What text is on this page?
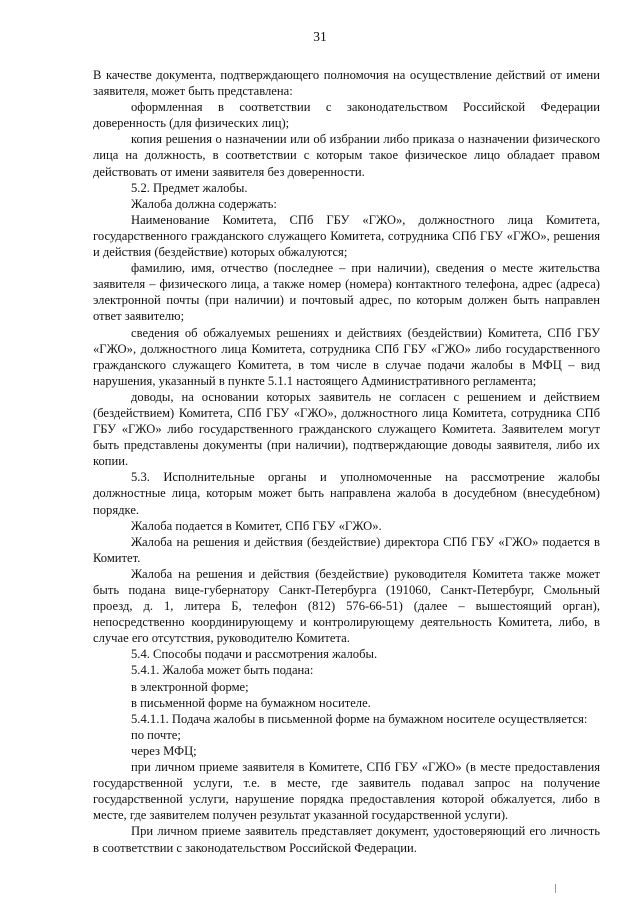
31

В качестве документа, подтверждающего полномочия на осуществление действий от имени заявителя, может быть представлена:

оформленная в соответствии с законодательством Российской Федерации доверенность (для физических лиц);

копия решения о назначении или об избрании либо приказа о назначении физического лица на должность, в соответствии с которым такое физическое лицо обладает правом действовать от имени заявителя без доверенности.

5.2. Предмет жалобы.

Жалоба должна содержать:

Наименование Комитета, СПб ГБУ «ГЖО», должностного лица Комитета, государственного гражданского служащего Комитета, сотрудника СПб ГБУ «ГЖО», решения и действия (бездействие) которых обжалуются;

фамилию, имя, отчество (последнее – при наличии), сведения о месте жительства заявителя – физического лица, а также номер (номера) контактного телефона, адрес (адреса) электронной почты (при наличии) и почтовый адрес, по которым должен быть направлен ответ заявителю;

сведения об обжалуемых решениях и действиях (бездействии) Комитета, СПб ГБУ «ГЖО», должностного лица Комитета, сотрудника СПб ГБУ «ГЖО» либо государственного гражданского служащего Комитета, в том числе в случае подачи жалобы в МФЦ – вид нарушения, указанный в пункте 5.1.1 настоящего Административного регламента;

доводы, на основании которых заявитель не согласен с решением и действием (бездействием) Комитета, СПб ГБУ «ГЖО», должностного лица Комитета, сотрудника СПб ГБУ «ГЖО» либо государственного гражданского служащего Комитета. Заявителем могут быть представлены документы (при наличии), подтверждающие доводы заявителя, либо их копии.

5.3. Исполнительные органы и уполномоченные на рассмотрение жалобы должностные лица, которым может быть направлена жалоба в досудебном (внесудебном) порядке.

Жалоба подается в Комитет, СПб ГБУ «ГЖО».

Жалоба на решения и действия (бездействие) директора СПб ГБУ «ГЖО» подается в Комитет.

Жалоба на решения и действия (бездействие) руководителя Комитета также может быть подана вице-губернатору Санкт-Петербурга (191060, Санкт-Петербург, Смольный проезд, д. 1, литера Б, телефон (812) 576-66-51) (далее – вышестоящий орган), непосредственно координирующему и контролирующему деятельность Комитета, либо, в случае его отсутствия, руководителю Комитета.

5.4. Способы подачи и рассмотрения жалобы.

5.4.1. Жалоба может быть подана:

в электронной форме;

в письменной форме на бумажном носителе.

5.4.1.1. Подача жалобы в письменной форме на бумажном носителе осуществляется:

по почте;

через МФЦ;

при личном приеме заявителя в Комитете, СПб ГБУ «ГЖО» (в месте предоставления государственной услуги, т.е. в месте, где заявитель подавал запрос на получение государственной услуги, нарушение порядка предоставления которой обжалуется, либо в месте, где заявителем получен результат указанной государственной услуги).

При личном приеме заявитель представляет документ, удостоверяющий его личность в соответствии с законодательством Российской Федерации.
